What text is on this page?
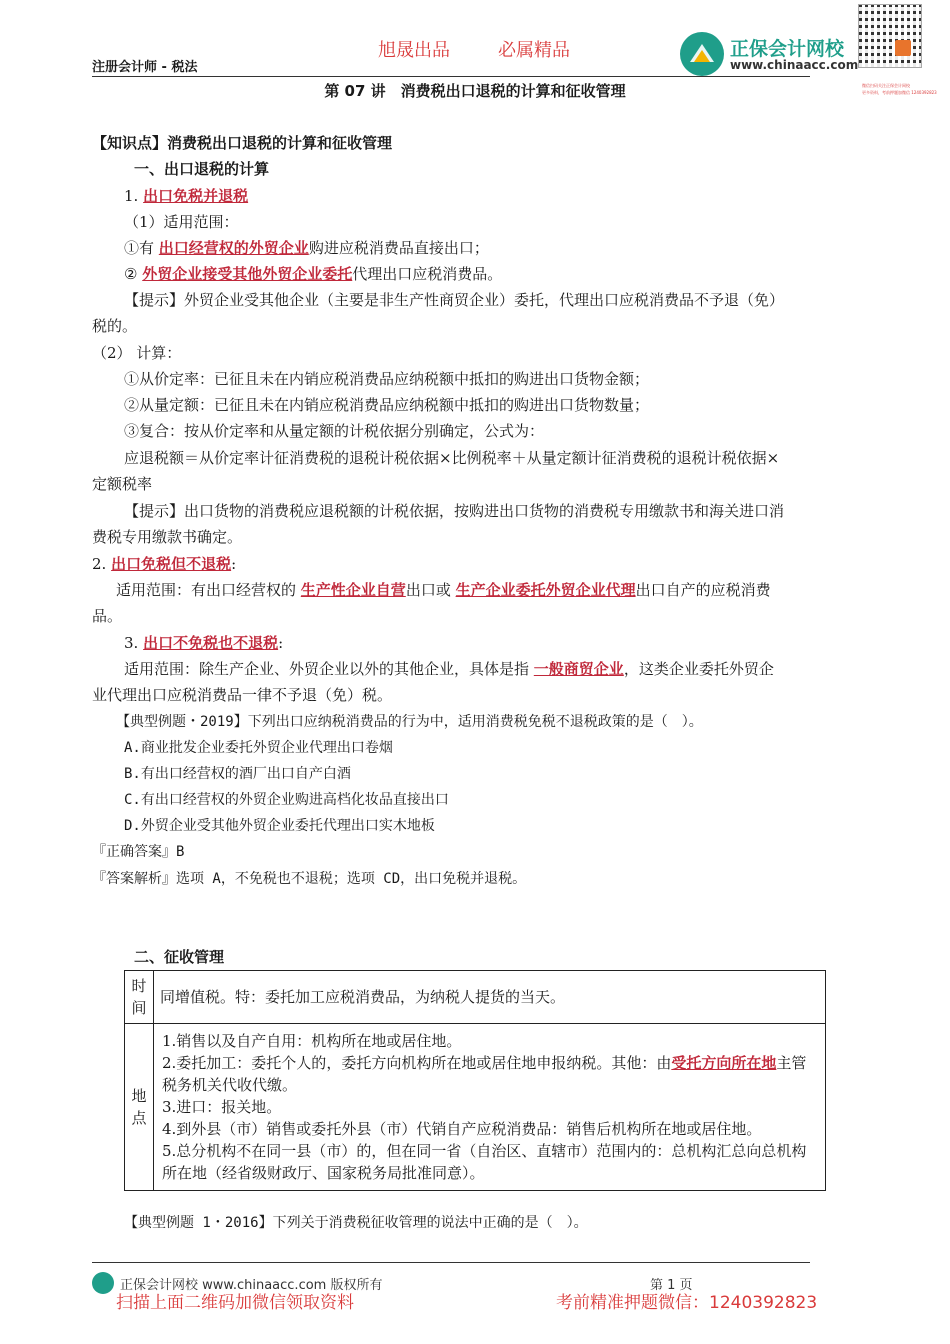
旭晟出品	必属精品	正保会计网校
www.chinaacc.com
微信扫码关注正保会计网校
更多资料，考前押题加微信 1240392823
注册会计师 - 税法
第 07 讲　消费税出口退税的计算和征收管理
【知识点】消费税出口退税的计算和征收管理
一、出口退税的计算
1. 出口免税并退税
（1）适用范围：
①有 出口经营权的外贸企业购进应税消费品直接出口；
② 外贸企业接受其他外贸企业委托代理出口应税消费品。
【提示】外贸企业受其他企业（主要是非生产性商贸企业）委托，代理出口应税消费品不予退（免）
税的。
（2） 计算：
①从价定率：已征且未在内销应税消费品应纳税额中抵扣的购进出口货物金额；
②从量定额：已征且未在内销应税消费品应纳税额中抵扣的购进出口货物数量；
③复合：按从价定率和从量定额的计税依据分别确定，公式为：
应退税额＝从价定率计征消费税的退税计税依据×比例税率＋从量定额计征消费税的退税计税依据×
定额税率
【提示】出口货物的消费税应退税额的计税依据，按购进出口货物的消费税专用缴款书和海关进口消
费税专用缴款书确定。
2. 出口免税但不退税:
适用范围：有出口经营权的 生产性企业自营出口或 生产企业委托外贸企业代理出口自产的应税消费
品。
3. 出口不免税也不退税:
适用范围：除生产企业、外贸企业以外的其他企业，具体是指 一般商贸企业，这类企业委托外贸企
业代理出口应税消费品一律不予退（免）税。
【典型例题・2019】下列出口应纳税消费品的行为中，适用消费税免税不退税政策的是（　）。
A.商业批发企业委托外贸企业代理出口卷烟
B.有出口经营权的酒厂出口自产白酒
C.有出口经营权的外贸企业购进高档化妆品直接出口
D.外贸企业受其他外贸企业委托代理出口实木地板
『正确答案』B
『答案解析』选项 A，不免税也不退税；选项 CD，出口免税并退税。
二、征收管理
时间	同增值税。特：委托加工应税消费品，为纳税人提货的当天。
地点	1.销售以及自产自用：机构所在地或居住地。
2.委托加工：委托个人的，委托方向机构所在地或居住地申报纳税。其他：由受托方向所在地主管税务机关代收代缴。
3.进口：报关地。
4.到外县（市）销售或委托外县（市）代销自产应税消费品：销售后机构所在地或居住地。
5.总分机构不在同一县（市）的，但在同一省（自治区、直辖市）范围内的：总机构汇总向总机构所在地（经省级财政厅、国家税务局批准同意）。
【典型例题 1・2016】下列关于消费税征收管理的说法中正确的是（　）。
正保会计网校 www.chinaacc.com 版权所有	第 1 页
扫描上面二维码加微信领取资料	考前精准押题微信：1240392823
